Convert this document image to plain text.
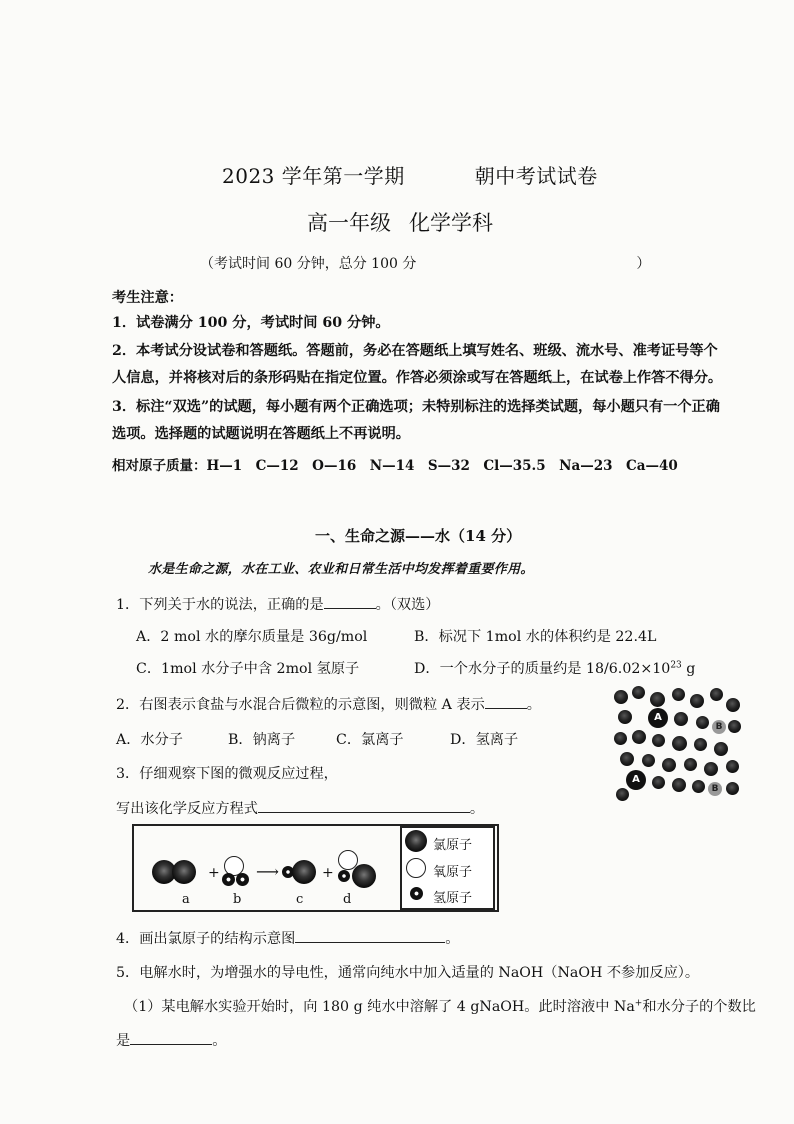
2023 学年第一学期	朝中考试试卷
高一年级 化学学科
（考试时间 60 分钟，总分 100 分	）
考生注意：
1．试卷满分 100 分，考试时间 60 分钟。
2．本考试分设试卷和答题纸。答题前，务必在答题纸上填写姓名、班级、流水号、准考证号等个
人信息，并将核对后的条形码贴在指定位置。作答必须涂或写在答题纸上，在试卷上作答不得分。
3．标注“双选”的试题，每小题有两个正确选项；未特别标注的选择类试题，每小题只有一个正确
选项。选择题的试题说明在答题纸上不再说明。
相对原子质量：H—1　C—12　O—16　N—14　S—32　Cl—35.5　Na—23　Ca—40
一、生命之源——水（14 分）
水是生命之源，水在工业、农业和日常生活中均发挥着重要作用。
1．下列关于水的说法，正确的是	。（双选）
A．2 mol 水的摩尔质量是 36g/mol	B．标况下 1mol 水的体积约是 22.4L
C．1mol 水分子中含 2mol 氢原子	D．一个水分子的质量约是 $18/6.02\times 10^{23}$ g
2．右图表示食盐与水混合后微粒的示意图，则微粒 A 表示	。
A．水分子	B．钠离子	C．氯离子	D．氢离子
A
B
A
B
3．仔细观察下图的微观反应过程，
写出该化学反应方程式	。
a
+
b
⟶
c
+
d
氯原子
氧原子
氢原子
4．画出氯原子的结构示意图	。
5．电解水时，为增强水的导电性，通常向纯水中加入适量的 NaOH（NaOH 不参加反应）。
（1）某电解水实验开始时，向 180 g 纯水中溶解了 4 gNaOH。此时溶液中 Na+和水分子的个数比
是	。
